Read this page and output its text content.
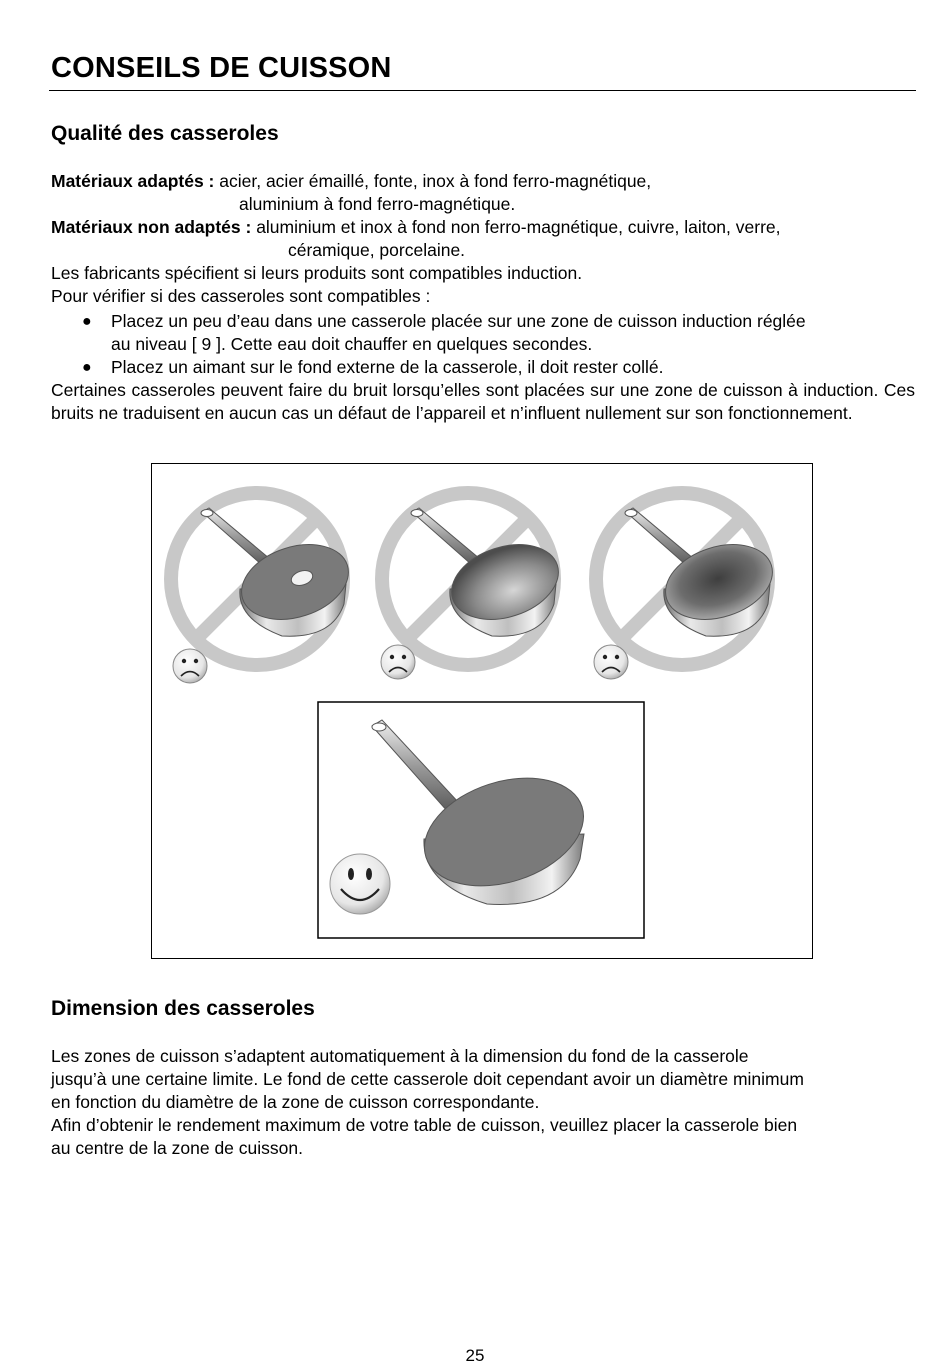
CONSEILS DE CUISSON
Qualité des casseroles
Matériaux adaptés : acier, acier émaillé, fonte, inox à fond ferro-magnétique,
aluminium à fond ferro-magnétique.
Matériaux non adaptés : aluminium et inox à fond non ferro-magnétique, cuivre, laiton, verre,
céramique, porcelaine.
Les fabricants spécifient si leurs produits sont compatibles induction.
Pour vérifier si des casseroles sont compatibles :
● Placez un peu d’eau dans une casserole placée sur une zone de cuisson induction réglée
au niveau [ 9 ]. Cette eau doit chauffer en quelques secondes.
● Placez un aimant sur le fond externe de la casserole, il doit rester collé.
Certaines casseroles peuvent faire du bruit lorsqu’elles sont placées sur une zone de cuisson à induction. Ces bruits ne traduisent en aucun cas un défaut de l’appareil et n’influent nullement sur son fonctionnement.
Dimension des casseroles
Les zones de cuisson s’adaptent automatiquement à la dimension du fond de la casserole
jusqu’à une certaine limite. Le fond de cette casserole doit cependant avoir un diamètre minimum
en fonction du diamètre de la zone de cuisson correspondante.
Afin d’obtenir le rendement maximum de votre table de cuisson, veuillez placer la casserole bien
au centre de la zone de cuisson.
25
